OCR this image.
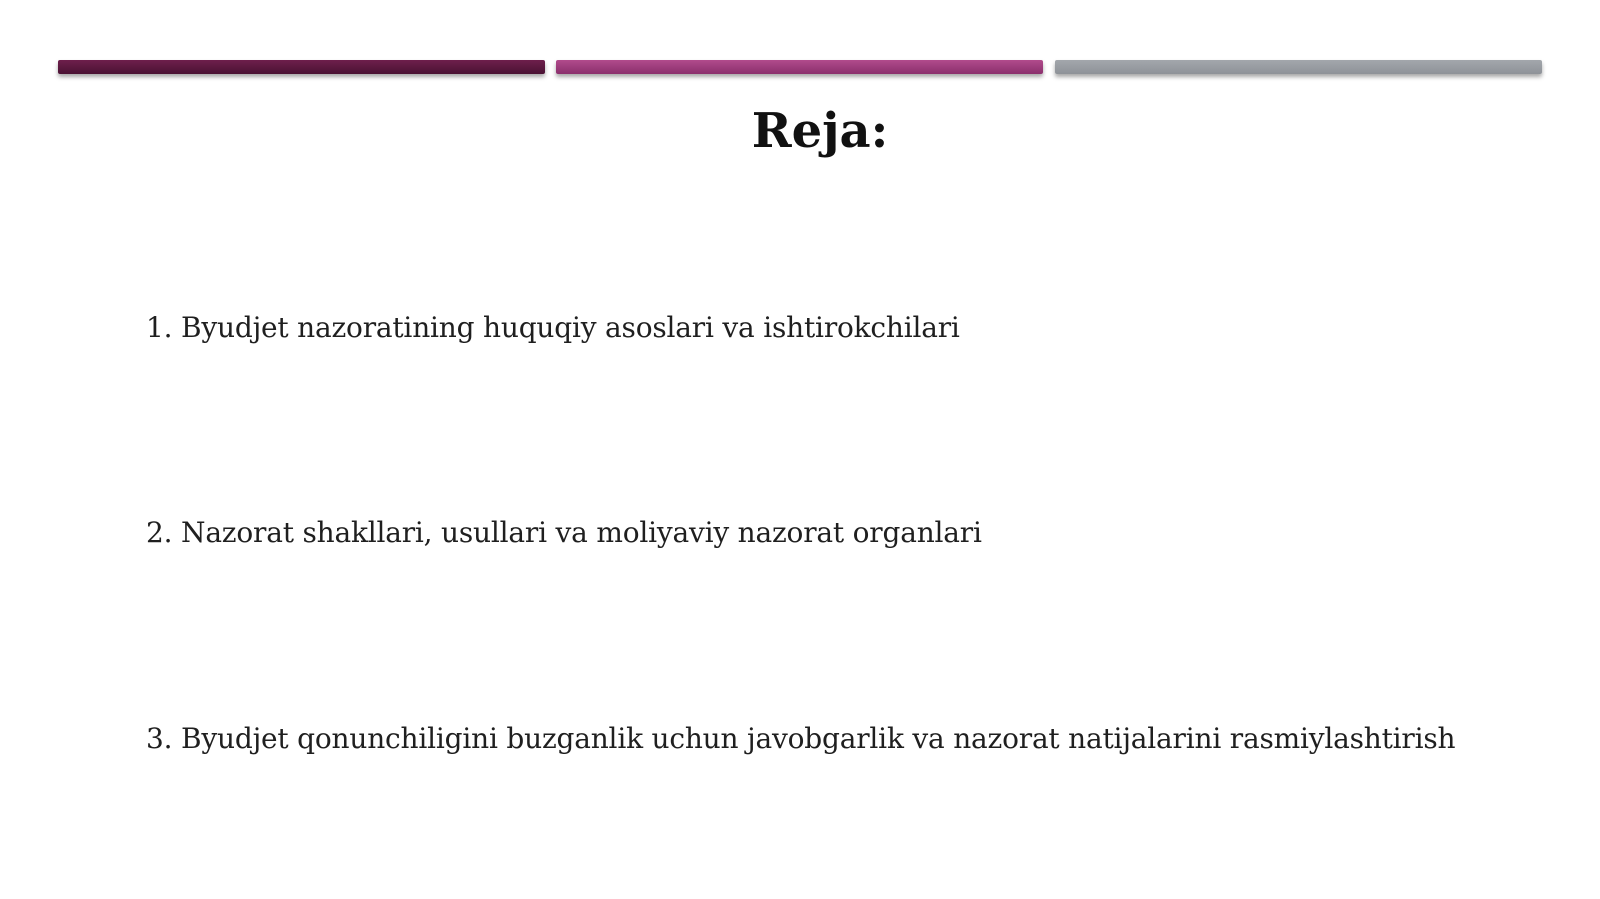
Reja:
1. Byudjet nazoratining huquqiy asoslari va ishtirokchilari
2. Nazorat shakllari, usullari va moliyaviy nazorat organlari
3. Byudjet qonunchiligini buzganlik uchun javobgarlik va nazorat natijalarini rasmiylashtirish
